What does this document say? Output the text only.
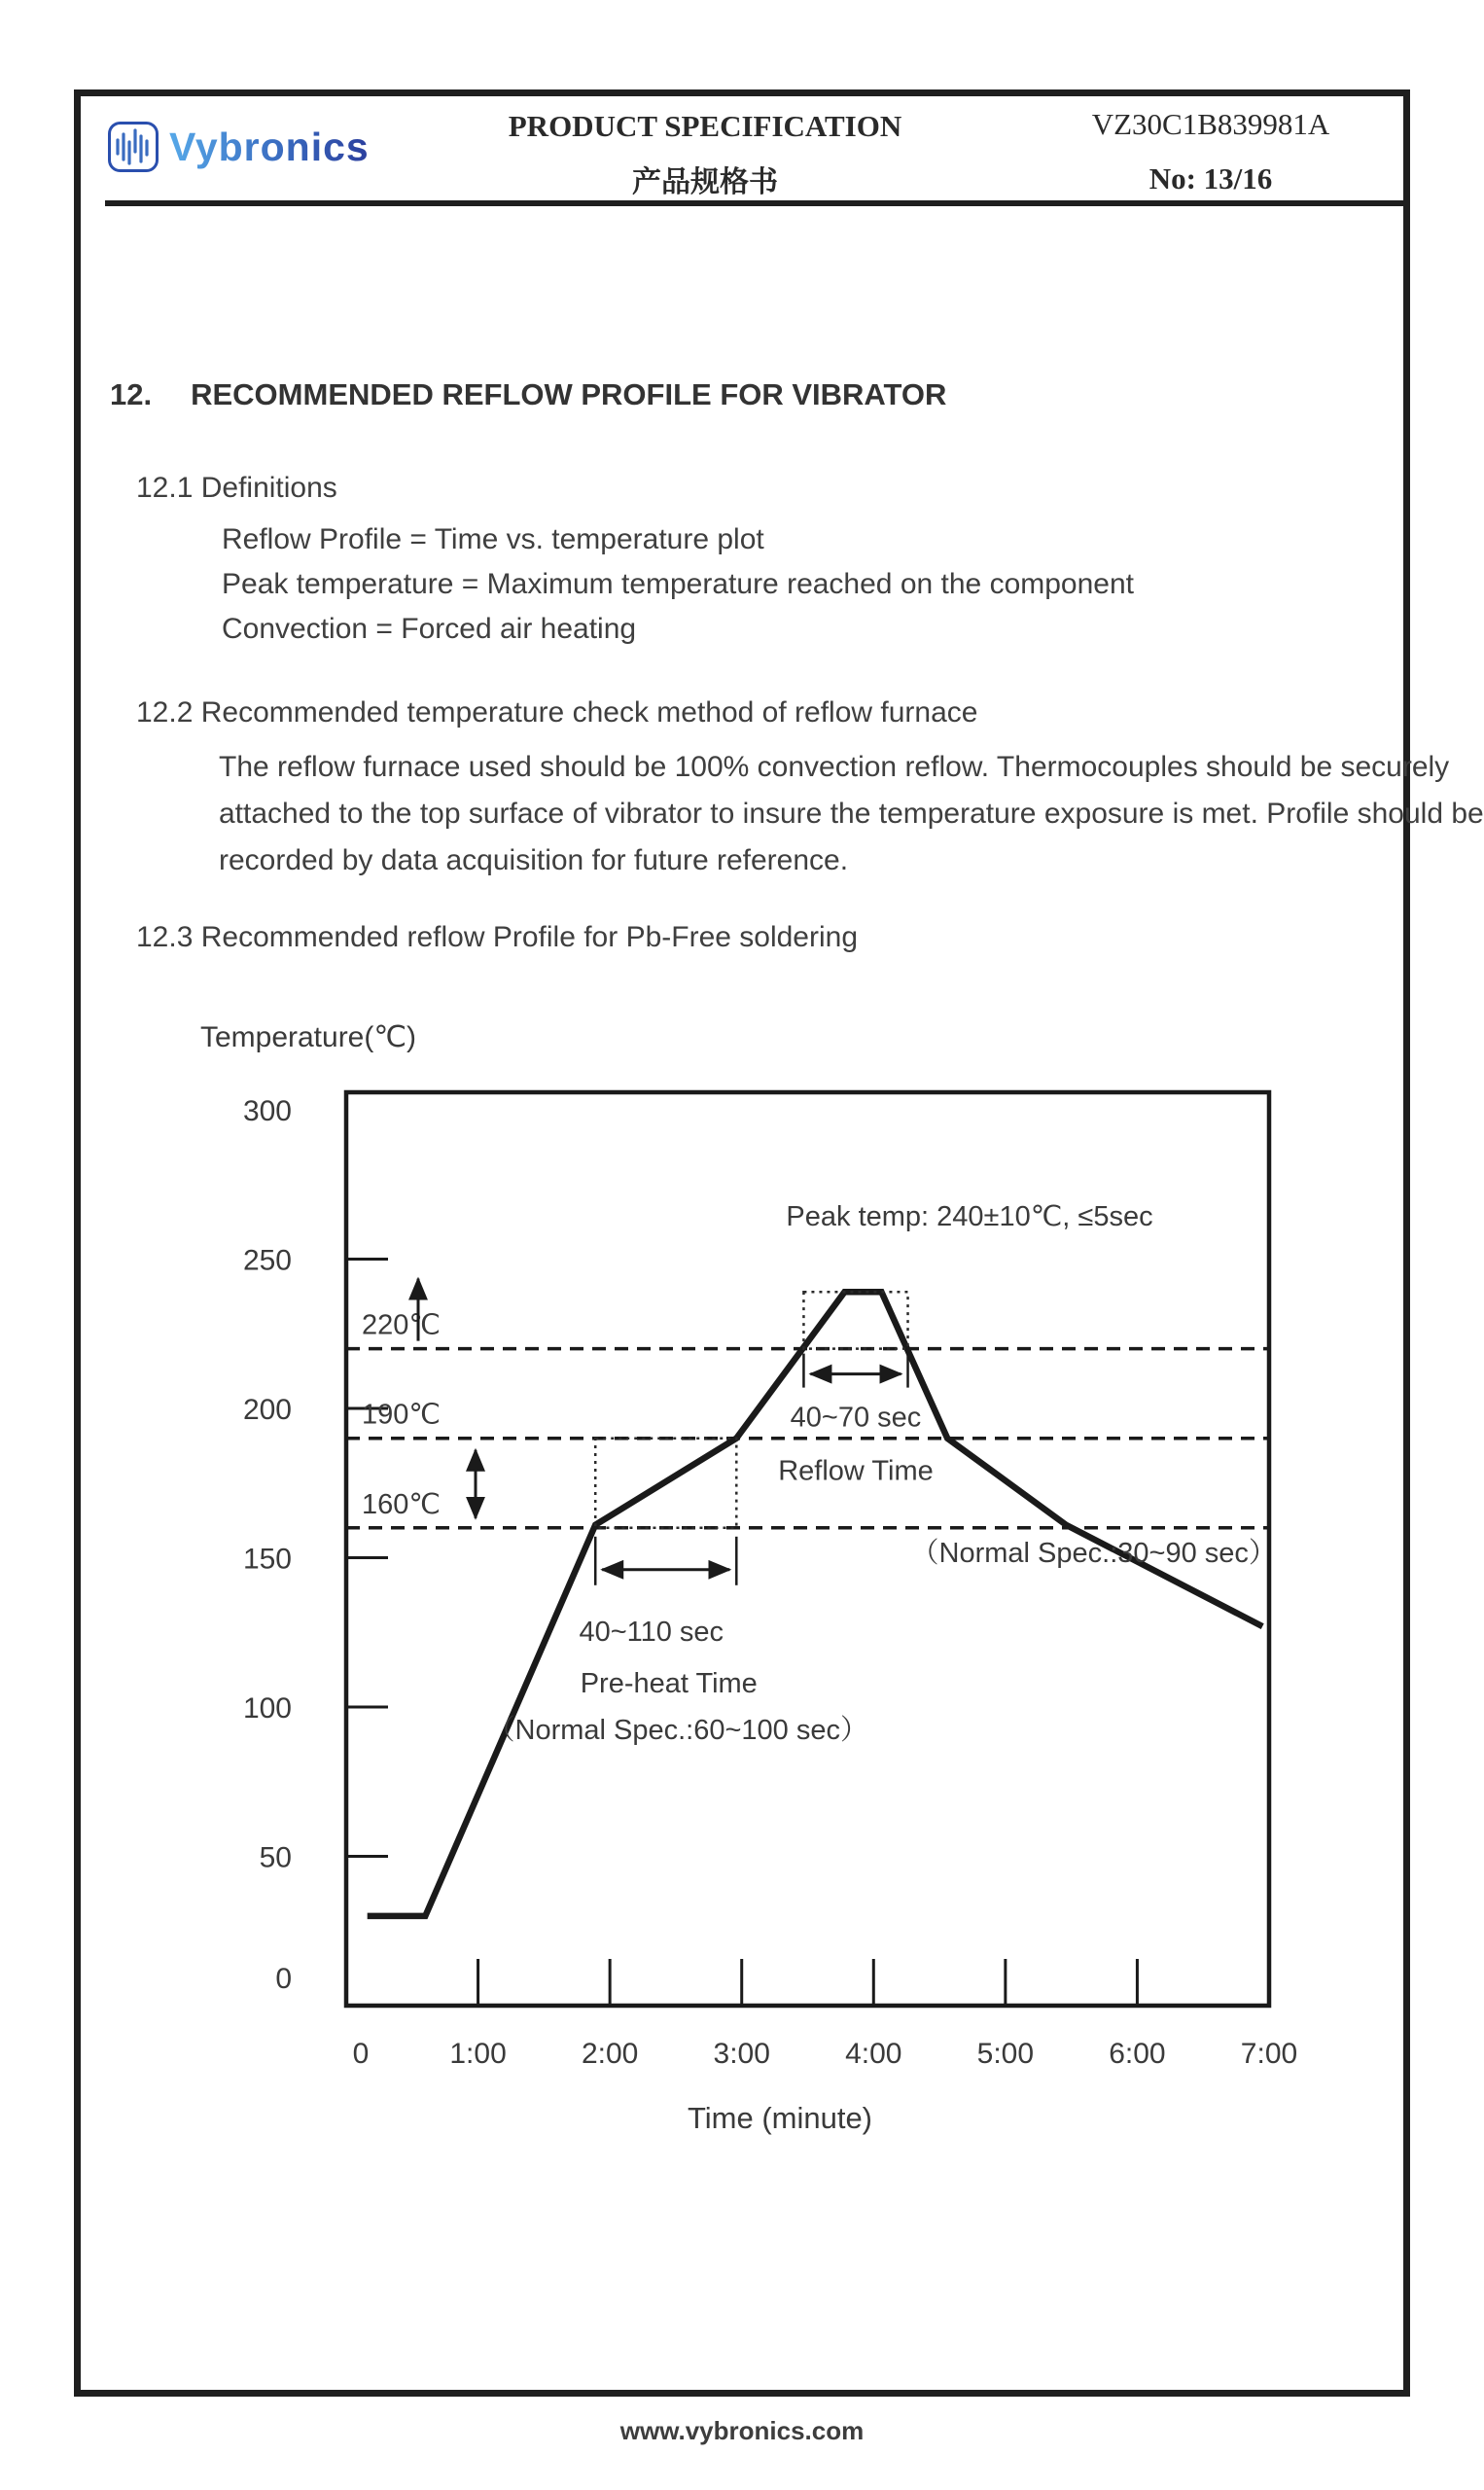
Vybronics	PRODUCT SPECIFICATION
产品规格书
VZ30C1B839981A
No: 13/16
12. RECOMMENDED REFLOW PROFILE FOR VIBRATOR
12.1 Definitions
Reflow Profile = Time vs. temperature plot
Peak temperature = Maximum temperature reached on the component
Convection = Forced air heating
12.2 Recommended temperature check method of reflow furnace
The reflow furnace used should be 100% convection reflow. Thermocouples should be securely
attached to the top surface of vibrator to insure the temperature exposure is met. Profile should be
recorded by data acquisition for future reference.
12.3 Recommended reflow Profile for Pb-Free soldering
300
250
200
150
100
50
0
0	1:00	2:00	3:00	4:00	5:00	6:00	7:00
220℃
190℃
160℃
40~70 sec
Reflow Time
（Normal Spec.:30~90 sec）
40~110 sec
Pre-heat Time
（Normal Spec.:60~100 sec）
Peak temp: 240±10℃, ≤5sec
Temperature(℃)
Time (minute)
www.vybronics.com
